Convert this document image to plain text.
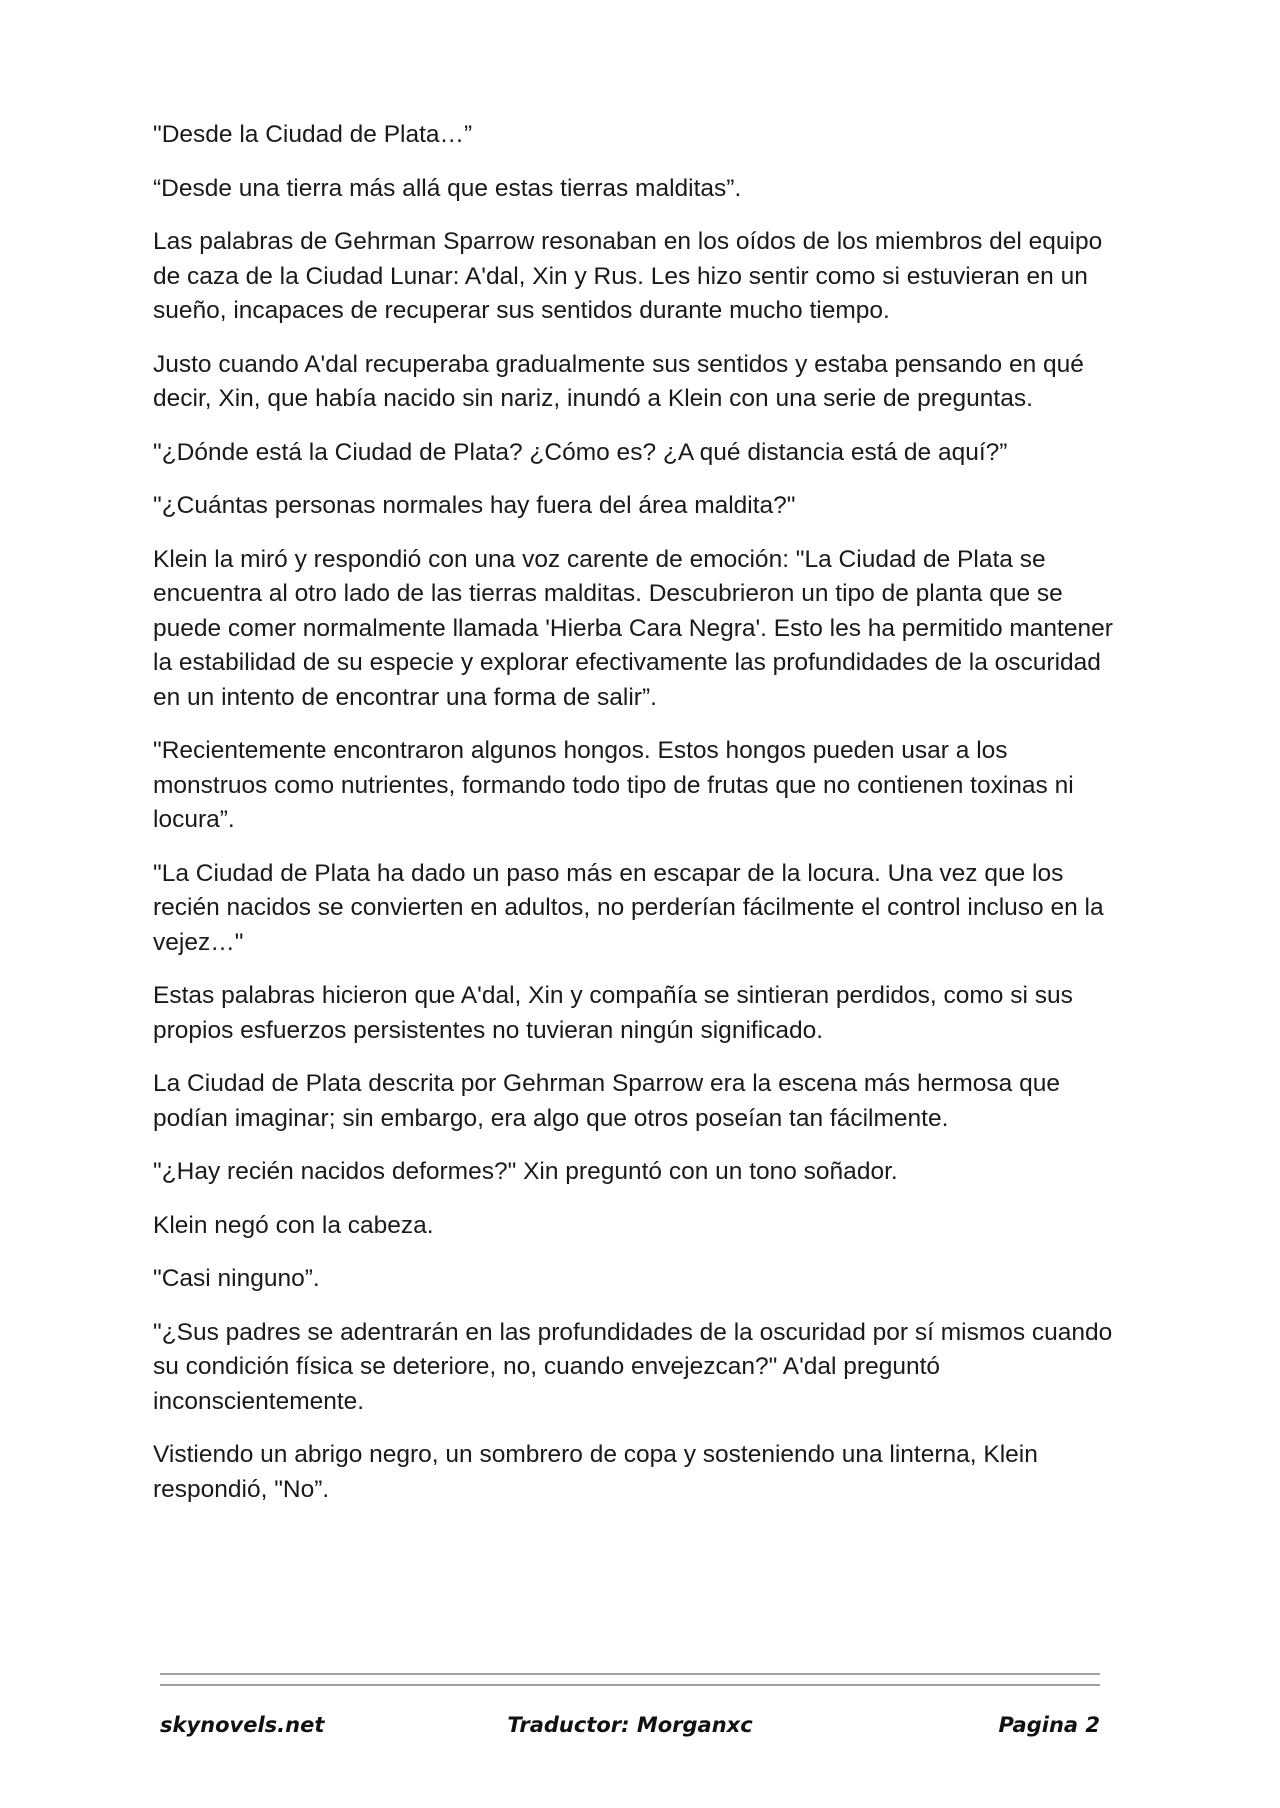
"Desde la Ciudad de Plata…”

“Desde una tierra más allá que estas tierras malditas”.

Las palabras de Gehrman Sparrow resonaban en los oídos de los miembros del equipo de caza de la Ciudad Lunar: A'dal, Xin y Rus. Les hizo sentir como si estuvieran en un sueño, incapaces de recuperar sus sentidos durante mucho tiempo.

Justo cuando A'dal recuperaba gradualmente sus sentidos y estaba pensando en qué decir, Xin, que había nacido sin nariz, inundó a Klein con una serie de preguntas.

"¿Dónde está la Ciudad de Plata? ¿Cómo es? ¿A qué distancia está de aquí?”

"¿Cuántas personas normales hay fuera del área maldita?"

Klein la miró y respondió con una voz carente de emoción: "La Ciudad de Plata se encuentra al otro lado de las tierras malditas. Descubrieron un tipo de planta que se puede comer normalmente llamada 'Hierba Cara Negra'. Esto les ha permitido mantener la estabilidad de su especie y explorar efectivamente las profundidades de la oscuridad en un intento de encontrar una forma de salir”.

"Recientemente encontraron algunos hongos. Estos hongos pueden usar a los monstruos como nutrientes, formando todo tipo de frutas que no contienen toxinas ni locura”.

"La Ciudad de Plata ha dado un paso más en escapar de la locura. Una vez que los recién nacidos se convierten en adultos, no perderían fácilmente el control incluso en la vejez…"

Estas palabras hicieron que A'dal, Xin y compañía se sintieran perdidos, como si sus propios esfuerzos persistentes no tuvieran ningún significado.

La Ciudad de Plata descrita por Gehrman Sparrow era la escena más hermosa que podían imaginar; sin embargo, era algo que otros poseían tan fácilmente.

"¿Hay recién nacidos deformes?" Xin preguntó con un tono soñador.

Klein negó con la cabeza.

"Casi ninguno”.

"¿Sus padres se adentrarán en las profundidades de la oscuridad por sí mismos cuando su condición física se deteriore, no, cuando envejezcan?" A'dal preguntó inconscientemente.

Vistiendo un abrigo negro, un sombrero de copa y sosteniendo una linterna, Klein respondió, "No”.

Traductor: Morganxc
skynovels.net	Pagina 2
